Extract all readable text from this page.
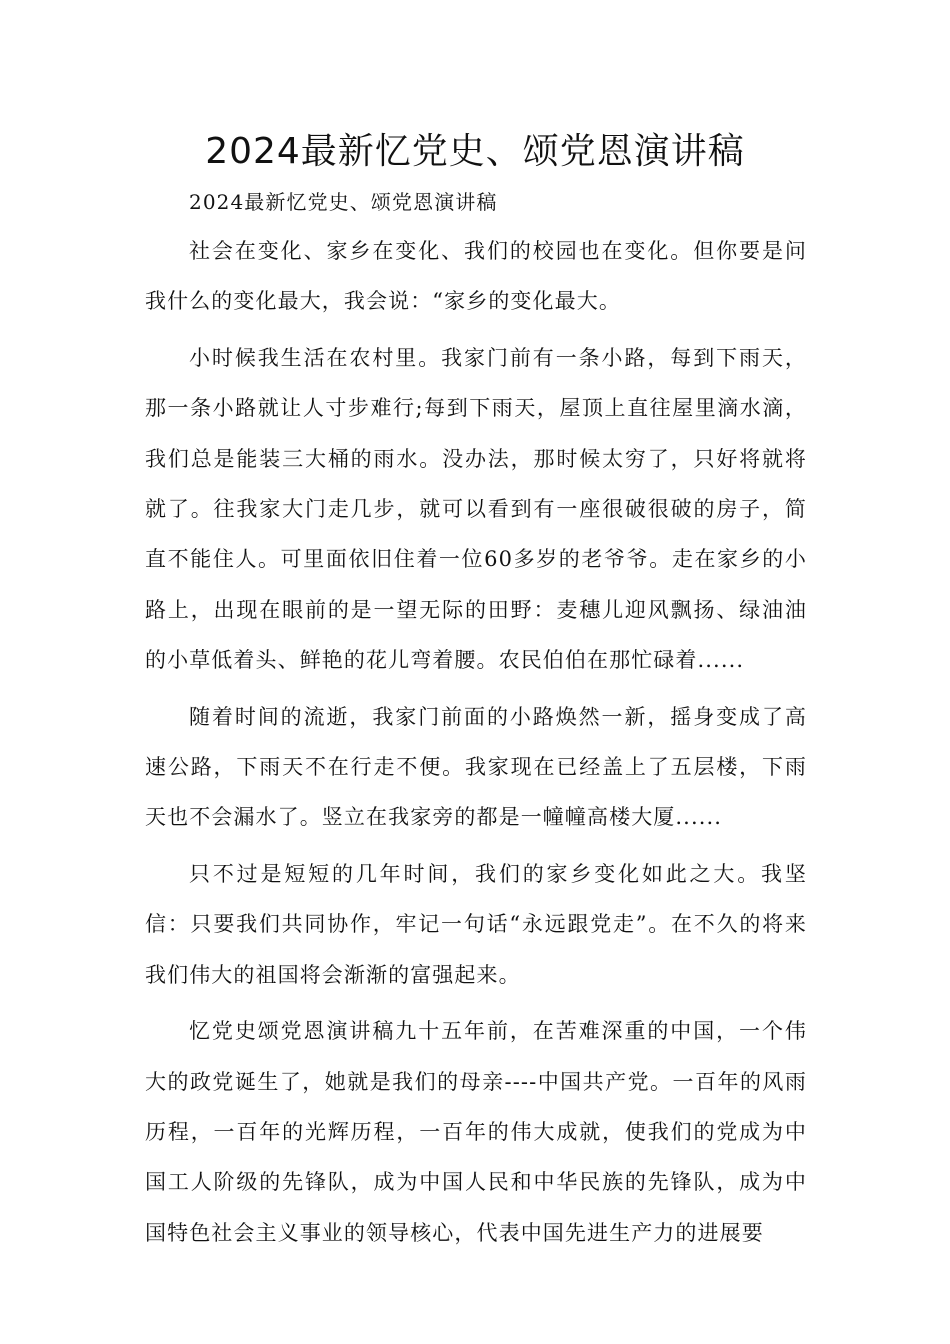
2024最新忆党史、颂党恩演讲稿

2024最新忆党史、颂党恩演讲稿

社会在变化、家乡在变化、我们的校园也在变化。但你要是问我什么的变化最大，我会说：“家乡的变化最大。

小时候我生活在农村里。我家门前有一条小路，每到下雨天，那一条小路就让人寸步难行;每到下雨天，屋顶上直往屋里滴水滴，我们总是能装三大桶的雨水。没办法，那时候太穷了，只好将就将就了。往我家大门走几步，就可以看到有一座很破很破的房子，简直不能住人。可里面依旧住着一位60多岁的老爷爷。走在家乡的小路上，出现在眼前的是一望无际的田野：麦穗儿迎风飘扬、绿油油的小草低着头、鲜艳的花儿弯着腰。农民伯伯在那忙碌着......

随着时间的流逝，我家门前面的小路焕然一新，摇身变成了高速公路，下雨天不在行走不便。我家现在已经盖上了五层楼，下雨天也不会漏水了。竖立在我家旁的都是一幢幢高楼大厦......

只不过是短短的几年时间，我们的家乡变化如此之大。我坚信：只要我们共同协作，牢记一句话“永远跟党走”。在不久的将来我们伟大的祖国将会渐渐的富强起来。

忆党史颂党恩演讲稿九十五年前，在苦难深重的中国，一个伟大的政党诞生了，她就是我们的母亲----中国共产党。一百年的风雨历程，一百年的光辉历程，一百年的伟大成就，使我们的党成为中国工人阶级的先锋队，成为中国人民和中华民族的先锋队，成为中国特色社会主义事业的领导核心，代表中国先进生产力的进展要
